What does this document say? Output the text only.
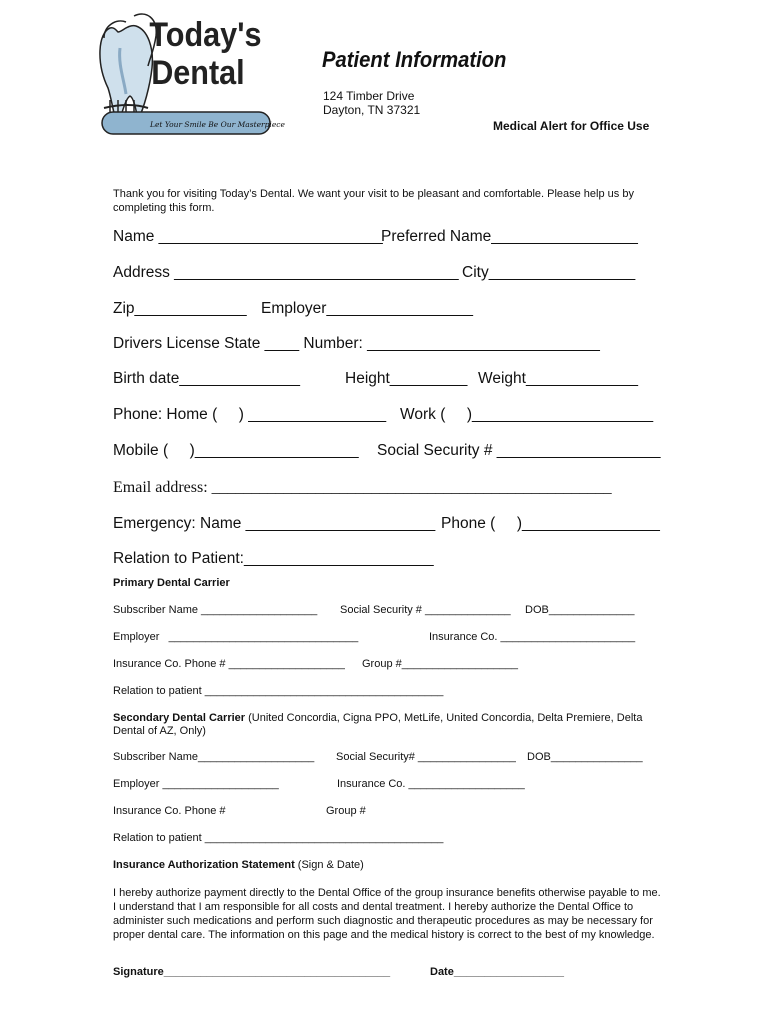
Let Your Smile Be Our Masterpiece
Today's
Dental	Patient Information
124 Timber Drive
Dayton, TN 37321
Medical Alert for Office Use
Thank you for visiting Today’s Dental. We want your visit to be pleasant and comfortable. Please help us by completing this form.
Name __________________________
Preferred Name_________________
Address _________________________________ City_________________
Zip_____________ Employer_________________
Drivers License State ____ Number: ___________________________
Birth date______________	Height_________ Weight_____________
Phone: Home (     ) ________________ Work (     )_____________________
Mobile (     )___________________ Social Security # ___________________
Email address: __________________________________________________
Emergency: Name ______________________ Phone (     )________________
Relation to Patient:______________________
Primary Dental Carrier
Subscriber Name ___________________ Social Security # ______________ DOB______________
Employer   _______________________________	Insurance Co. ______________________
Insurance Co. Phone # ___________________ Group #___________________
Relation to patient _______________________________________
Secondary Dental Carrier (United Concordia, Cigna PPO, MetLife, United Concordia, Delta Premiere, Delta Dental of AZ, Only)
Subscriber Name___________________ Social Security# ________________ DOB_______________
Employer ___________________	Insurance Co. ___________________
Insurance Co. Phone #	Group #
Relation to patient _______________________________________
Insurance Authorization Statement (Sign & Date)
I hereby authorize payment directly to the Dental Office of the group insurance benefits otherwise payable to me. I understand that I am responsible for all costs and dental treatment. I hereby authorize the Dental Office to administer such medications and perform such diagnostic and therapeutic procedures as may be necessary for proper dental care. The information on this page and the medical history is correct to the best of my knowledge.
Signature_____________________________________	Date__________________
